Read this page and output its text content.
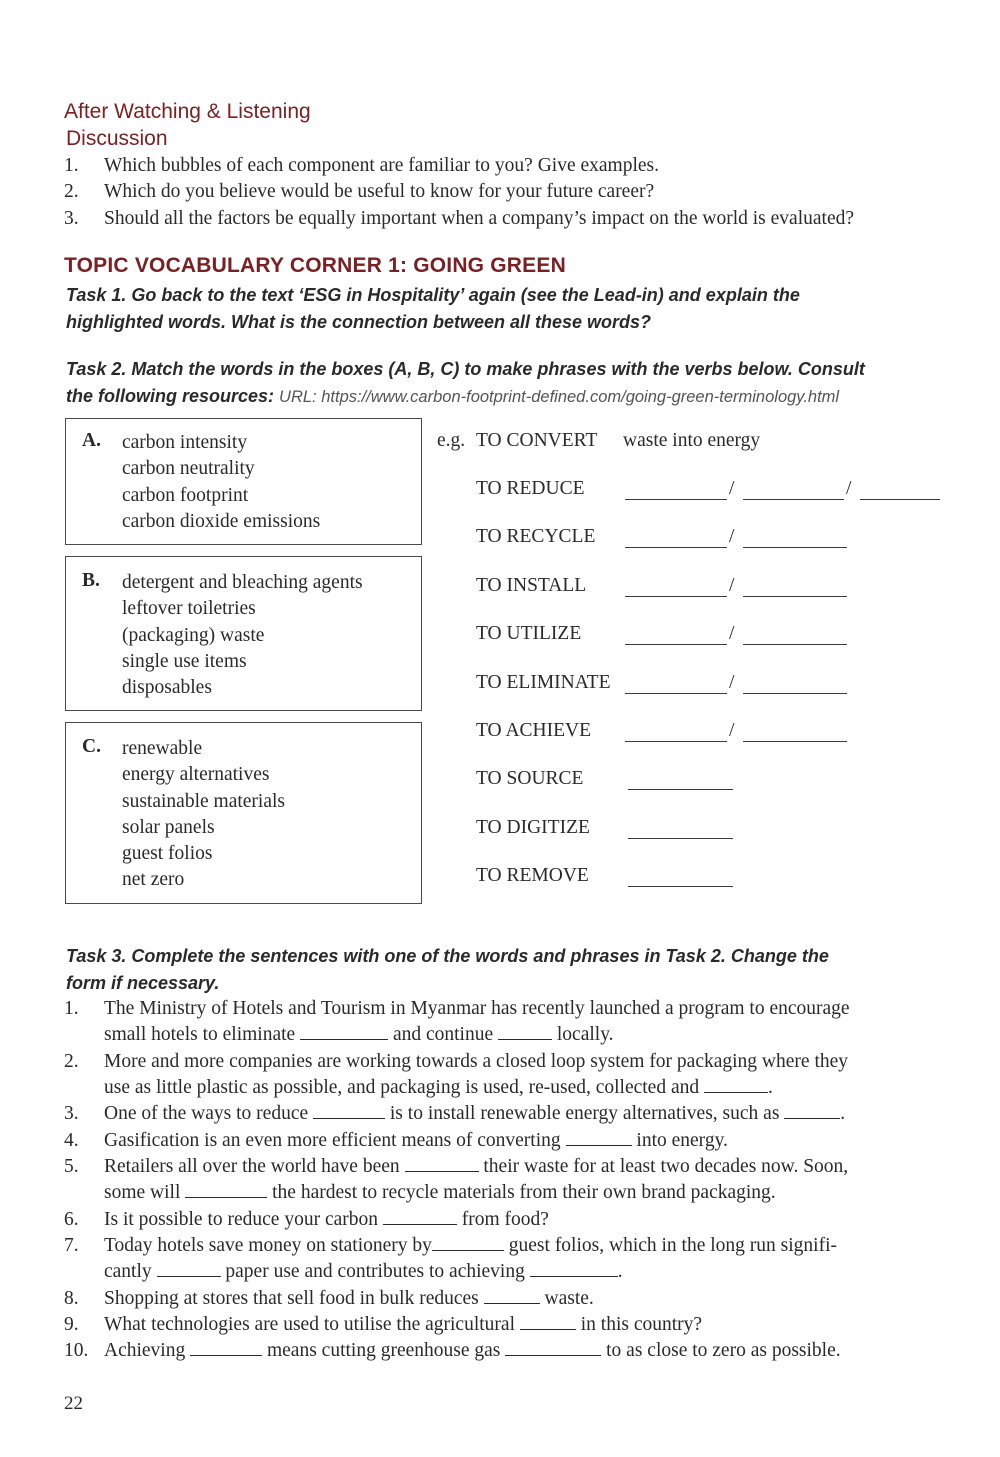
After Watching & Listening
Discussion
1.	Which bubbles of each component are familiar to you? Give examples.
2.	Which do you believe would be useful to know for your future career?
3.	Should all the factors be equally important when a company’s impact on the world is evaluated?
TOPIC VOCABULARY CORNER 1: GOING GREEN
Task 1. Go back to the text ‘ESG in Hospitality’ again (see the Lead-in) and explain the
highlighted words. What is the connection between all these words?
Task 2. Match the words in the boxes (A, B, C) to make phrases with the verbs below. Consult
the following resources: URL: https://www.carbon-footprint-defined.com/going-green-terminology.html
A. carbon intensity
carbon neutrality
carbon footprint
carbon dioxide emissions
B. detergent and bleaching agents
leftover toiletries
(packaging) waste
single use items
disposables
C. renewable
energy alternatives
sustainable materials
solar panels
guest folios
net zero
e.g. TO CONVERT waste into energy
TO REDUCE	/	/
TO RECYCLE	/
TO INSTALL	/
TO UTILIZE	/
TO ELIMINATE	/
TO ACHIEVE	/
TO SOURCE
TO DIGITIZE
TO REMOVE
Task 3. Complete the sentences with one of the words and phrases in Task 2. Change the
form if necessary.
1.	The Ministry of Hotels and Tourism in Myanmar has recently launched a program to encourage
small hotels to eliminate	and continue	locally.
2.	More and more companies are working towards a closed loop system for packaging where they
use as little plastic as possible, and packaging is used, re-used, collected and	.
3.	One of the ways to reduce	is to install renewable energy alternatives, such as	.
4.	Gasification is an even more efficient means of converting	into energy.
5.	Retailers all over the world have been	their waste for at least two decades now. Soon,
some will	the hardest to recycle materials from their own brand packaging.
6.	Is it possible to reduce your carbon	from food?
7.	Today hotels save money on stationery by	guest folios, which in the long run signifi-
cantly	paper use and contributes to achieving	.
8.	Shopping at stores that sell food in bulk reduces	waste.
9.	What technologies are used to utilise the agricultural	in this country?
10. Achieving	means cutting greenhouse gas	to as close to zero as possible.
22
